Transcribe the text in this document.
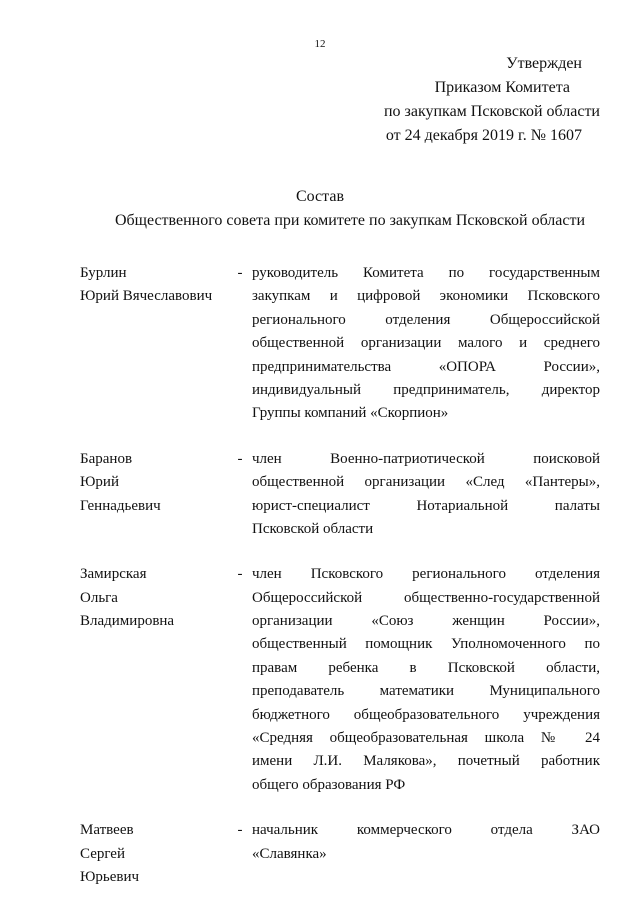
12
Утвержден
Приказом Комитета
по закупкам Псковской области
от 24 декабря 2019 г. № 1607
Состав
Общественного совета при комитете по закупкам Псковской области
Бурлин
Юрий Вячеславович
- руководитель Комитета по государственным
закупкам и цифровой экономики Псковского
регионального отделения Общероссийской
общественной организации малого и среднего
предпринимательства «ОПОРА России»,
индивидуальный предприниматель, директор
Группы компаний «Скорпион»
Баранов
Юрий
Геннадьевич
- член Военно-патриотической поисковой
общественной организации «След «Пантеры»,
юрист-специалист Нотариальной палаты
Псковской области
Замирская
Ольга
Владимировна
- член Псковского регионального отделения
Общероссийской общественно-государственной
организации «Союз женщин России»,
общественный помощник Уполномоченного по
правам ребенка в Псковской области,
преподаватель математики Муниципального
бюджетного общеобразовательного учреждения
«Средняя общеобразовательная школа № 24
имени Л.И. Малякова», почетный работник
общего образования РФ
Матвеев
Сергей
Юрьевич
- начальник коммерческого отдела ЗАО
«Славянка»
